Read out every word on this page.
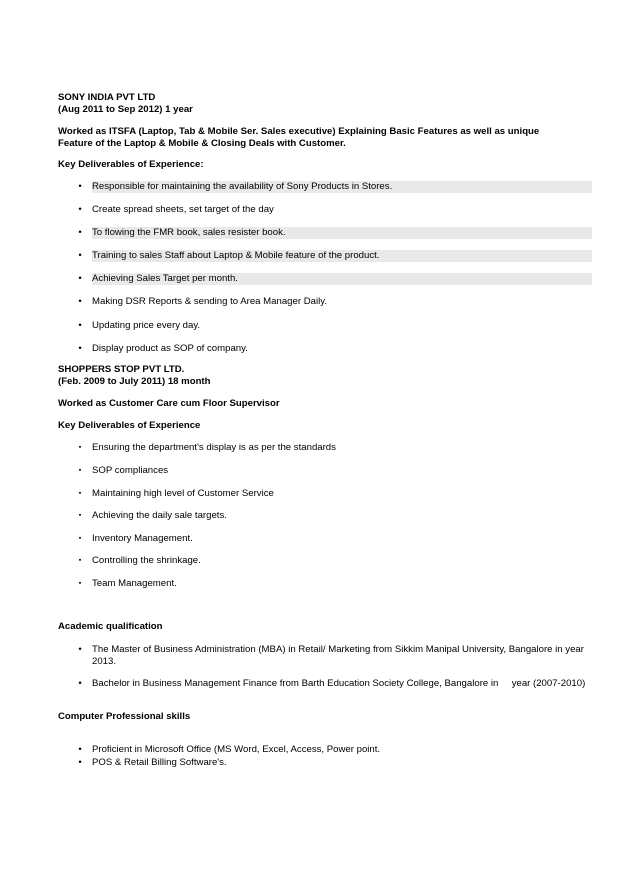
SONY INDIA PVT LTD
(Aug 2011 to Sep 2012) 1 year
Worked as ITSFA (Laptop, Tab & Mobile Ser. Sales executive) Explaining Basic Features as well as unique
Feature of the Laptop & Mobile & Closing Deals with Customer.
Key Deliverables of Experience:
• Responsible for maintaining the availability of Sony Products in Stores.
• Create spread sheets, set target of the day
• To flowing the FMR book, sales resister book.
• Training to sales Staff about Laptop & Mobile feature of the product.
• Achieving Sales Target per month.
• Making DSR Reports & sending to Area Manager Daily.
• Updating price every day.
• Display product as SOP of company.
SHOPPERS STOP PVT LTD.
(Feb. 2009 to July 2011) 18 month
Worked as Customer Care cum Floor Supervisor
Key Deliverables of Experience
▪ Ensuring the department's display is as per the standards
▪ SOP compliances
▪ Maintaining high level of Customer Service
▪ Achieving the daily sale targets.
▪ Inventory Management.
▪ Controlling the shrinkage.
▪ Team Management.
Academic qualification
• The Master of Business Administration (MBA) in Retail/ Marketing from Sikkim Manipal University, Bangalore in year 2013.
• Bachelor in Business Management Finance from Barth Education Society College, Bangalore in     year (2007-2010)
Computer Professional skills
• Proficient in Microsoft Office (MS Word, Excel, Access, Power point.
• POS & Retail Billing Software's.
